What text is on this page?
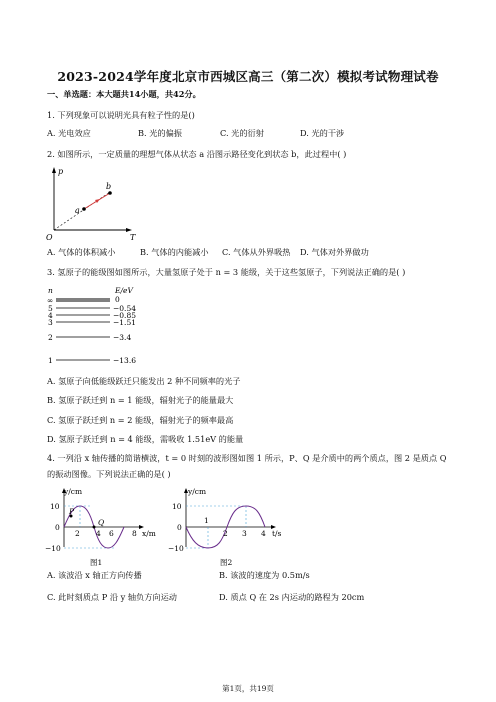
2023-2024学年度北京市西城区高三（第二次）模拟考试物理试卷
一、单选题：本大题共14小题，共42分。
1. 下列现象可以说明光具有粒子性的是()
A. 光电效应	B. 光的偏振	C. 光的衍射	D. 光的干涉
2. 如图所示，一定质量的理想气体从状态 a 沿图示路径变化到状态 b，此过程中( )
p
T
O
a
b
A. 气体的体积减小	B. 气体的内能减小 C. 气体从外界吸热 D. 气体对外界做功
3. 氢原子的能级图如图所示，大量氢原子处于 n = 3 能级，关于这些氢原子，下列说法正确的是( )
n	E/eV
∞	0
5	−0.54
4	−0.85
3	−1.51
2	−3.4
1	−13.6
A. 氢原子向低能级跃迁只能发出 2 种不同频率的光子
B. 氢原子跃迁到 n = 1 能级，辐射光子的能量最大
C. 氢原子跃迁到 n = 2 能级，辐射光子的频率最高
D. 氢原子跃迁到 n = 4 能级，需吸收 1.51eV 的能量
4. 一列沿 x 轴传播的简谐横波，t = 0 时刻的波形图如图 1 所示，P、Q 是介质中的两个质点，图 2 是质点 Q
的振动图像。下列说法正确的是( )
y/cm
x/m
10
0
−10
2 4 6 8
P
Q
图1
y/cm
t/s
10
0
−10
1
2 3 4
图2
A. 该波沿 x 轴正方向传播	B. 该波的速度为 0.5m/s
C. 此时刻质点 P 沿 y 轴负方向运动	D. 质点 Q 在 2s 内运动的路程为 20cm
第1页，共19页
